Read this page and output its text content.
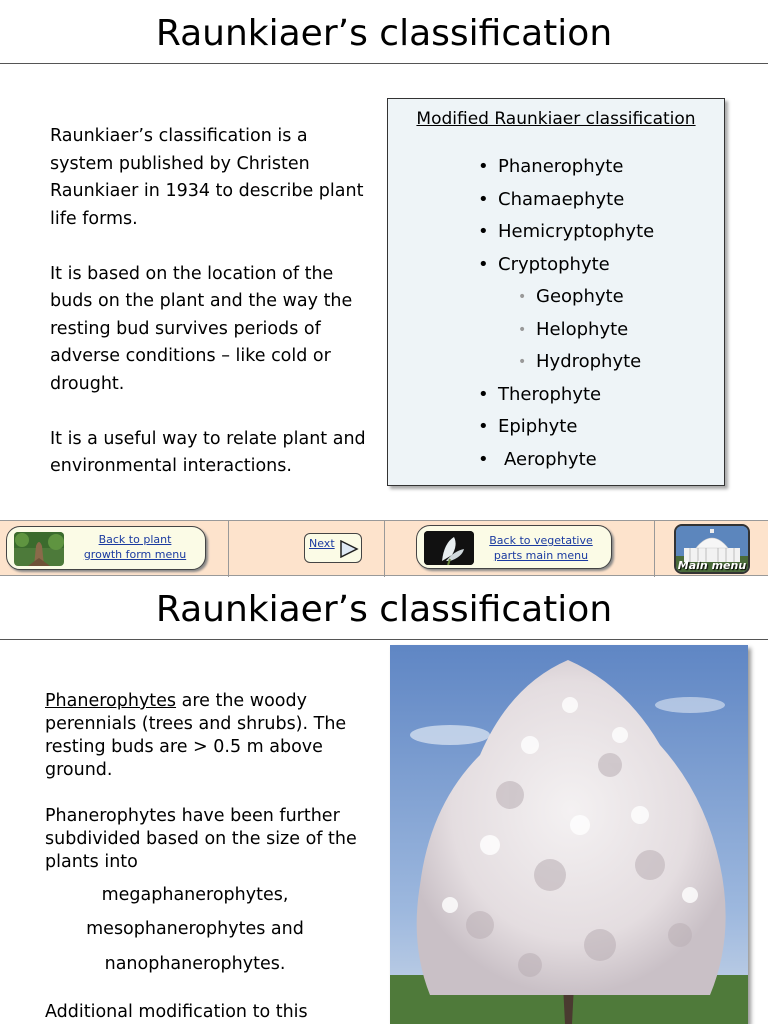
Raunkiaer’s classification

Raunkiaer’s classification is a system published by Christen Raunkiaer in 1934 to describe plant life forms.

It is based on the location of the buds on the plant and the way the resting bud survives periods of adverse conditions – like cold or drought.

It is a useful way to relate plant and environmental interactions.

Modified Raunkiaer classification
• Phanerophyte
• Chamaephyte
• Hemicryptophyte
• Cryptophyte
• Geophyte
• Helophyte
• Hydrophyte
• Therophyte
• Epiphyte
• Aerophyte
Back to plant
growth form menu
Next	Back to vegetative
parts main menu
Main menu
Raunkiaer’s classification

Phanerophytes are the woody perennials (trees and shrubs). The resting buds are > 0.5 m above ground.

Phanerophytes have been further subdivided based on the size of the plants into

megaphanerophytes,
mesophanerophytes and
nanophanerophytes.
Additional modification to this
